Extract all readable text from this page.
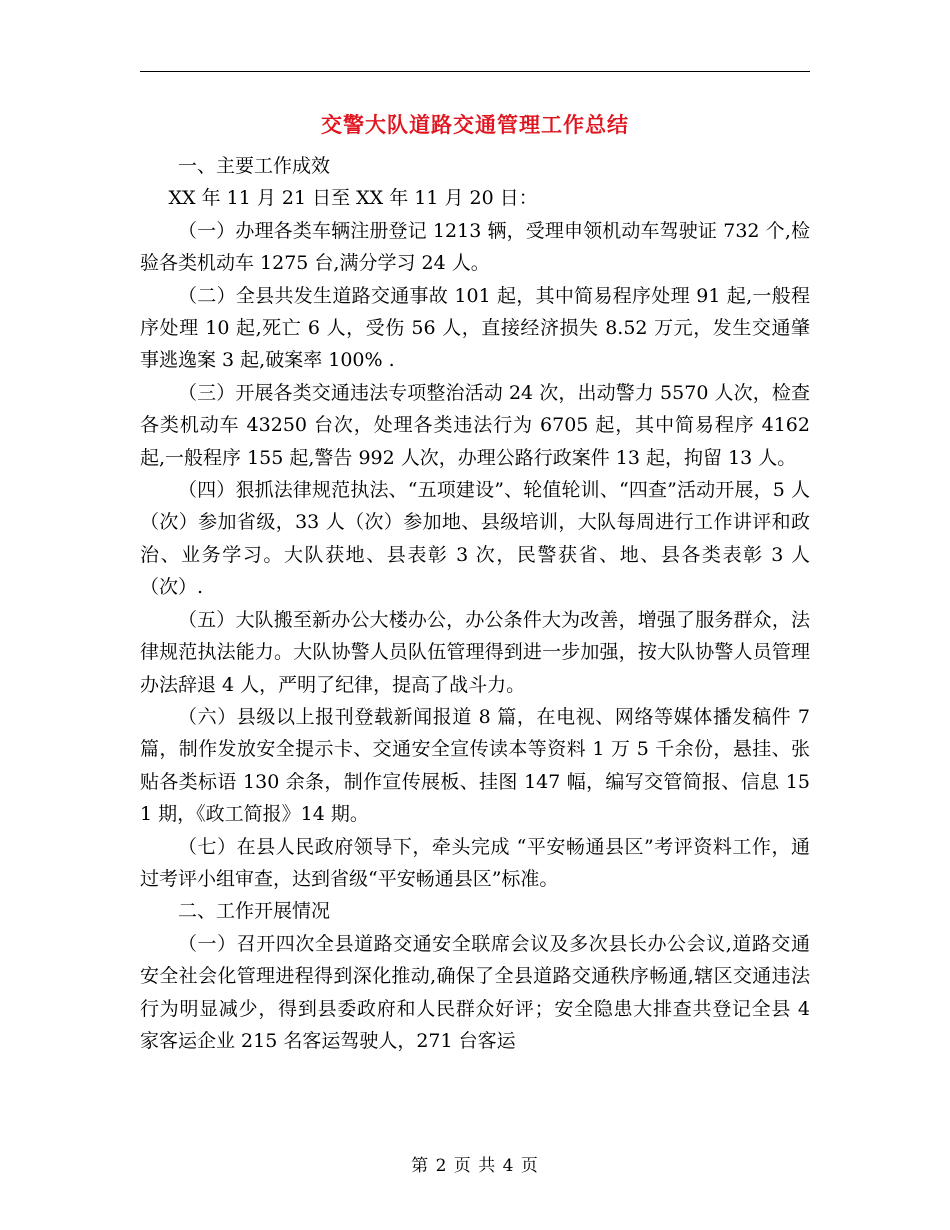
交警大队道路交通管理工作总结

一、主要工作成效

XX 年 11 月 21 日至 XX 年 11 月 20 日：

（一）办理各类车辆注册登记 1213 辆，受理申领机动车驾驶证 732 个,检验各类机动车 1275 台,满分学习 24 人。

（二）全县共发生道路交通事故 101 起，其中简易程序处理 91 起,一般程序处理 10 起,死亡 6 人，受伤 56 人，直接经济损失 8.52 万元，发生交通肇事逃逸案 3 起,破案率 100% .

（三）开展各类交通违法专项整治活动 24 次，出动警力 5570 人次，检查各类机动车 43250 台次，处理各类违法行为 6705 起，其中简易程序 4162 起,一般程序 155 起,警告 992 人次，办理公路行政案件 13 起，拘留 13 人。

（四）狠抓法律规范执法、“五项建设”、轮值轮训、“四查”活动开展，5 人（次）参加省级，33 人（次）参加地、县级培训，大队每周进行工作讲评和政治、业务学习。大队获地、县表彰 3 次，民警获省、地、县各类表彰 3 人（次）.

（五）大队搬至新办公大楼办公，办公条件大为改善，增强了服务群众，法律规范执法能力。大队协警人员队伍管理得到进一步加强，按大队协警人员管理办法辞退 4 人，严明了纪律，提高了战斗力。

（六）县级以上报刊登载新闻报道 8 篇，在电视、网络等媒体播发稿件 7 篇，制作发放安全提示卡、交通安全宣传读本等资料 1 万 5 千余份，悬挂、张贴各类标语 130 余条，制作宣传展板、挂图 147 幅，编写交管简报、信息 151 期，《政工简报》14 期。

（七）在县人民政府领导下，牵头完成 “平安畅通县区”考评资料工作，通过考评小组审查，达到省级“平安畅通县区”标准。

二、工作开展情况

（一）召开四次全县道路交通安全联席会议及多次县长办公会议,道路交通安全社会化管理进程得到深化推动,确保了全县道路交通秩序畅通,辖区交通违法行为明显减少，得到县委政府和人民群众好评；安全隐患大排查共登记全县 4 家客运企业 215 名客运驾驶人，271 台客运

第 2 页 共 4 页
